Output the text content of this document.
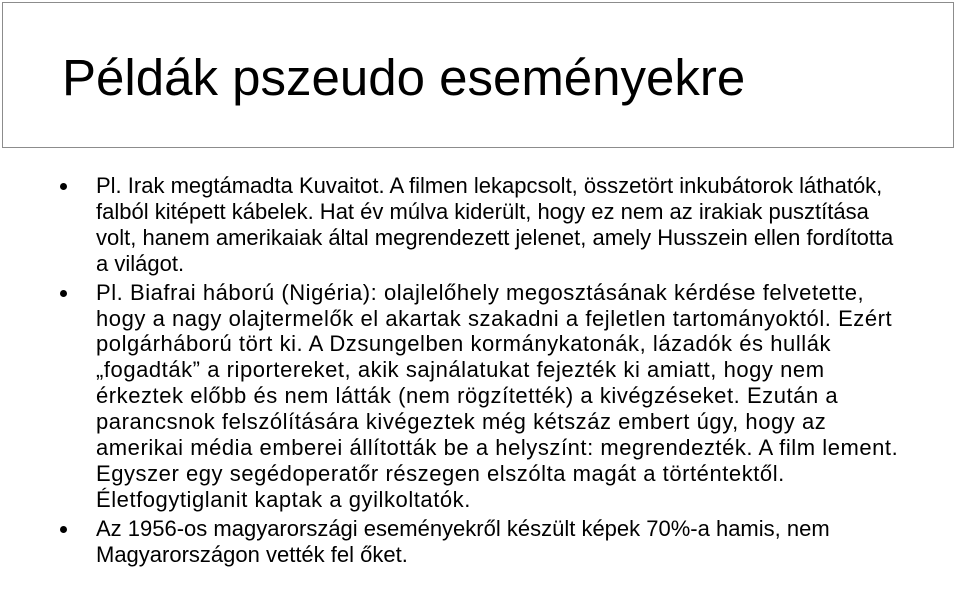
Példák pszeudo eseményekre
Pl. Irak megtámadta Kuvaitot. A filmen lekapcsolt, összetört inkubátorok láthatók, falból kitépett kábelek. Hat év múlva kiderült, hogy ez nem az irakiak pusztítása volt, hanem amerikaiak által megrendezett jelenet, amely Husszein ellen fordította a világot.
Pl. Biafrai háború (Nigéria): olajlelőhely megosztásának kérdése felvetette, hogy a nagy olajtermelők el akartak szakadni a fejletlen tartományoktól. Ezért polgárháború tört ki. A Dzsungelben kormánykatonák, lázadók és hullák „fogadták” a riportereket, akik sajnálatukat fejezték ki amiatt, hogy nem érkeztek előbb és nem látták (nem rögzítették) a kivégzéseket. Ezután a parancsnok felszólítására kivégeztek még kétszáz embert úgy, hogy az amerikai média emberei állították be a helyszínt: megrendezték. A film lement. Egyszer egy segédoperatőr részegen elszólta magát a történtektől. Életfogytiglanit kaptak a gyilkoltatók.
Az 1956-os magyarországi eseményekről készült képek 70%-a hamis, nem Magyarországon vették fel őket.
